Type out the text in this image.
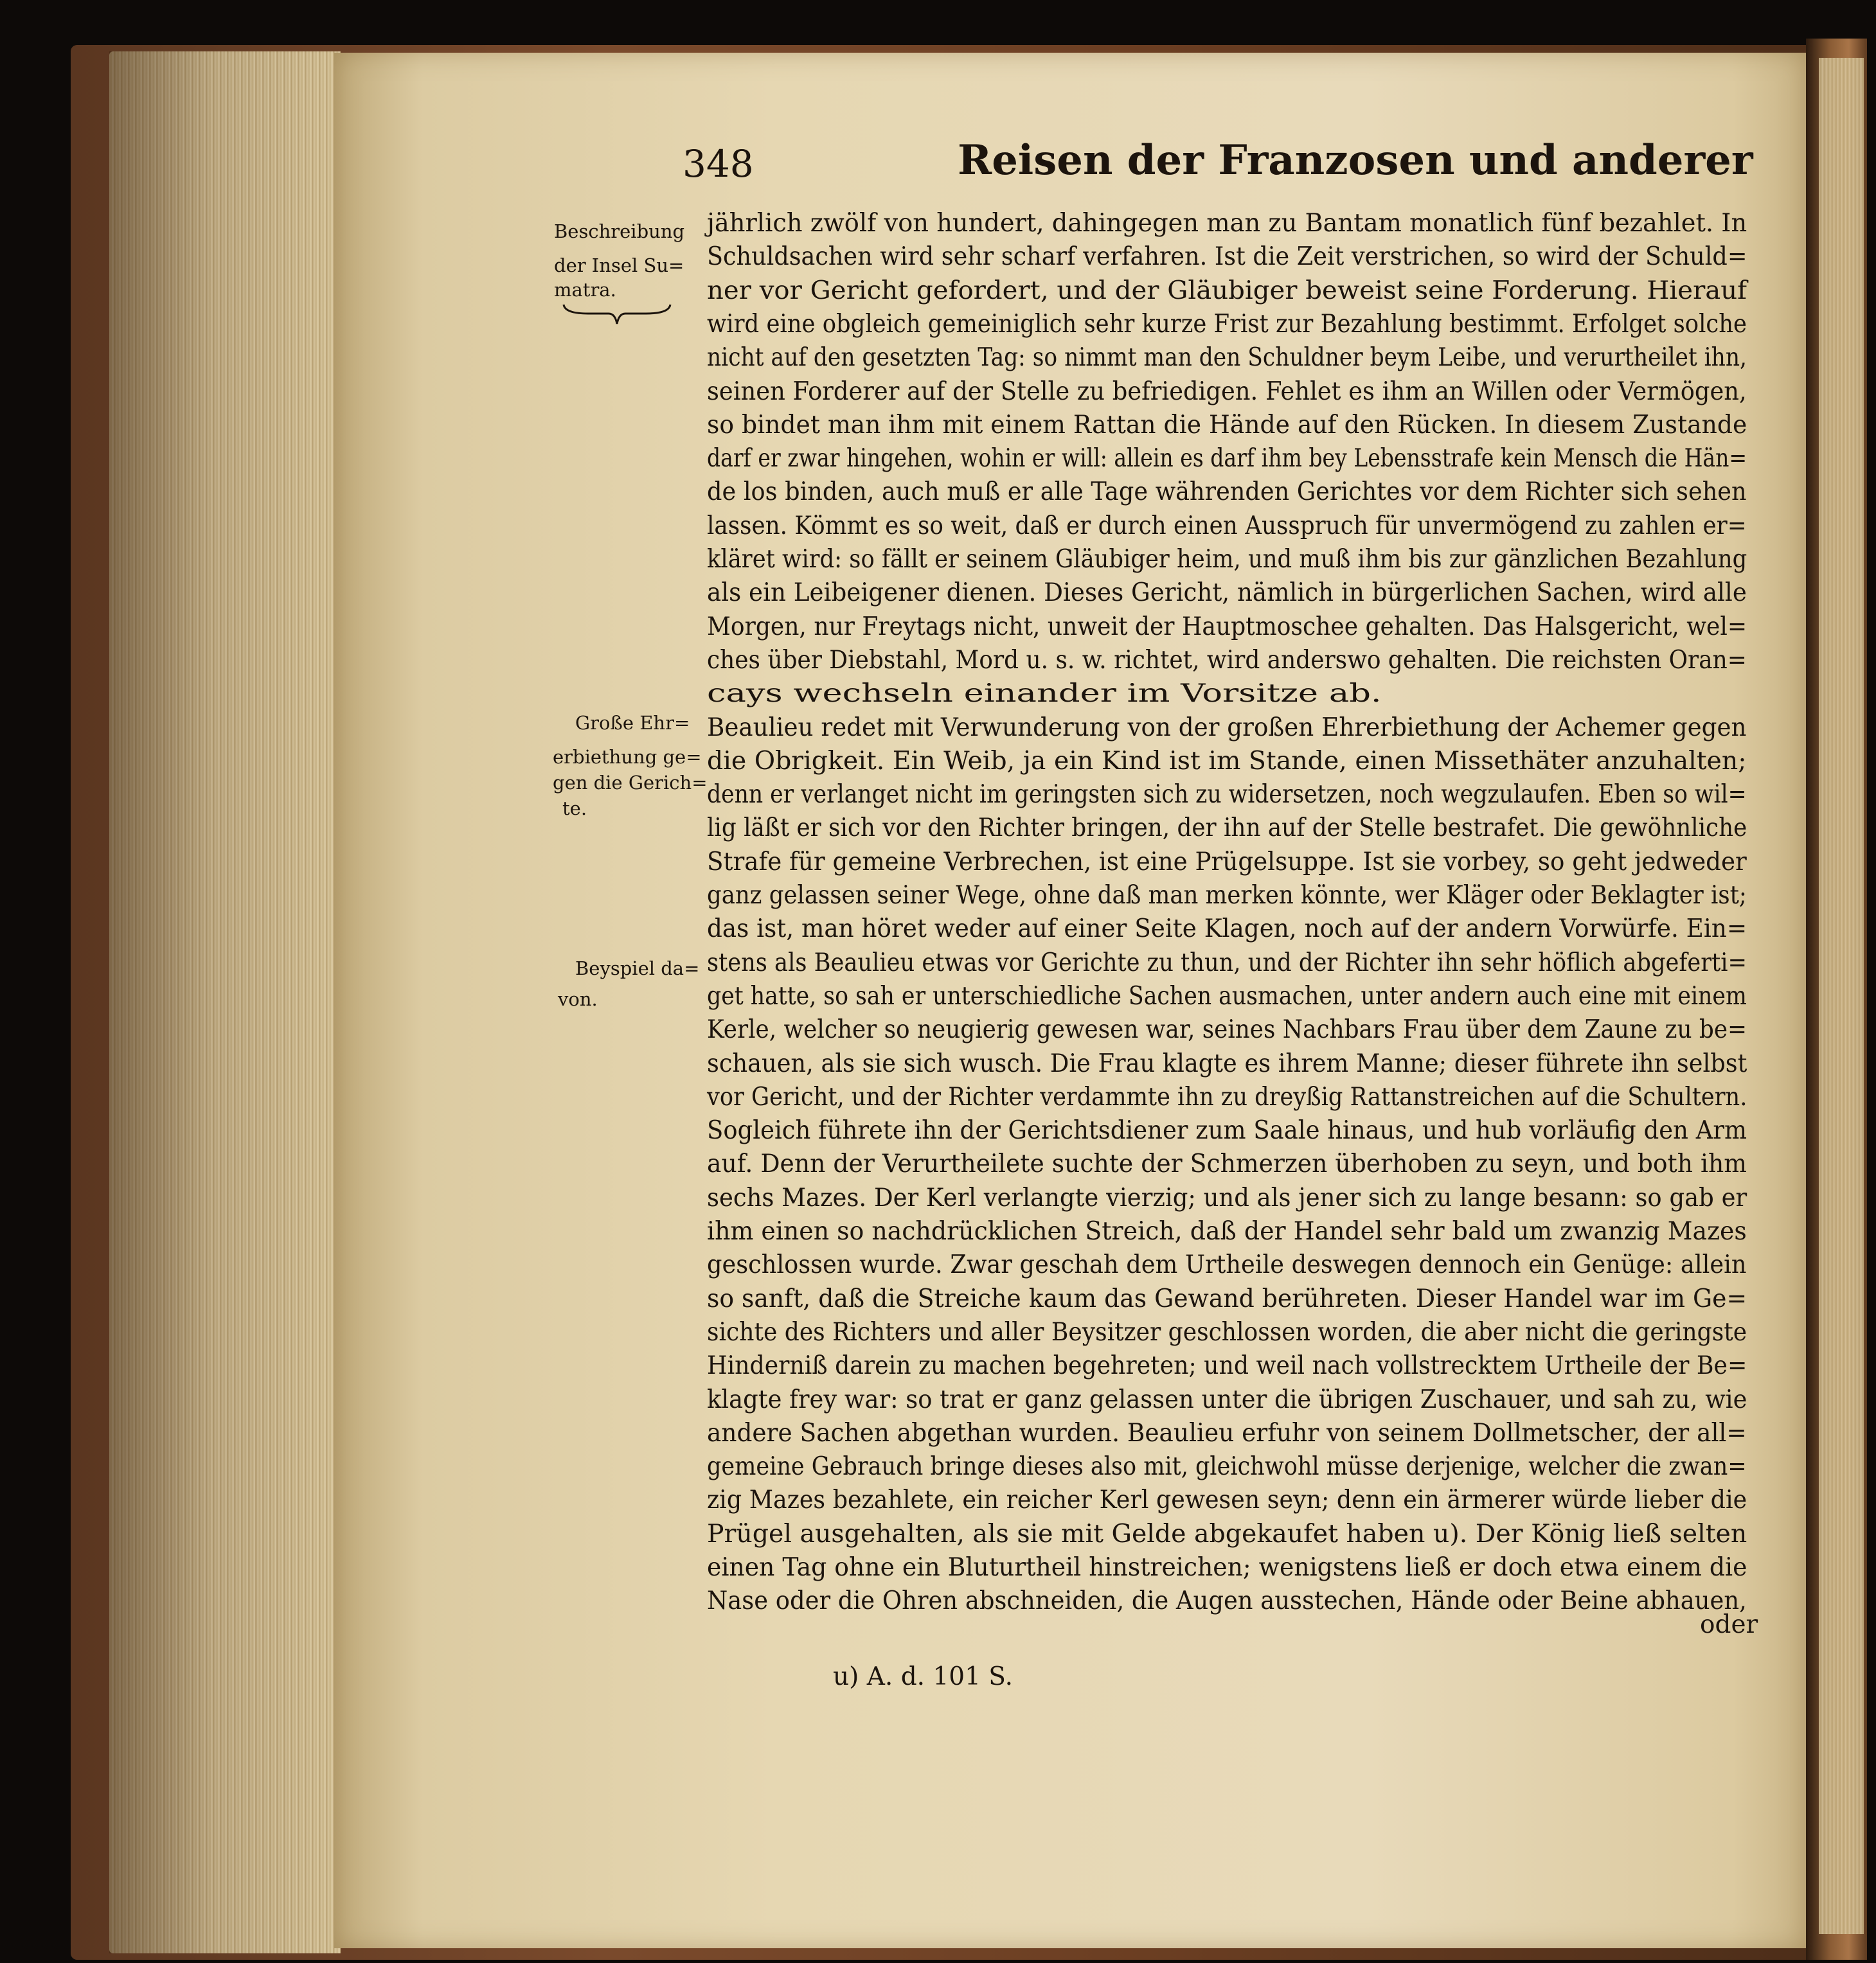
348	Reisen der Franzosen und anderer
Beschreibung
der Insel Su=
matra.
Große Ehr=
erbiethung ge=
gen die Gerich=
te.
Beyspiel da=
von.
jährlich zwölf von hundert, dahingegen man zu Bantam monatlich fünf bezahlet. In
Schuldsachen wird sehr scharf verfahren. Ist die Zeit verstrichen, so wird der Schuld=
ner vor Gericht gefordert, und der Gläubiger beweist seine Forderung. Hierauf
wird eine obgleich gemeiniglich sehr kurze Frist zur Bezahlung bestimmt. Erfolget solche
nicht auf den gesetzten Tag: so nimmt man den Schuldner beym Leibe, und verurtheilet ihn,
seinen Forderer auf der Stelle zu befriedigen. Fehlet es ihm an Willen oder Vermögen,
so bindet man ihm mit einem Rattan die Hände auf den Rücken. In diesem Zustande
darf er zwar hingehen, wohin er will: allein es darf ihm bey Lebensstrafe kein Mensch die Hän=
de los binden, auch muß er alle Tage währenden Gerichtes vor dem Richter sich sehen
lassen. Kömmt es so weit, daß er durch einen Ausspruch für unvermögend zu zahlen er=
kläret wird: so fällt er seinem Gläubiger heim, und muß ihm bis zur gänzlichen Bezahlung
als ein Leibeigener dienen. Dieses Gericht, nämlich in bürgerlichen Sachen, wird alle
Morgen, nur Freytags nicht, unweit der Hauptmoschee gehalten. Das Halsgericht, wel=
ches über Diebstahl, Mord u. s. w. richtet, wird anderswo gehalten. Die reichsten Oran=
cays wechseln einander im Vorsitze ab.
Beaulieu redet mit Verwunderung von der großen Ehrerbiethung der Achemer gegen
die Obrigkeit. Ein Weib, ja ein Kind ist im Stande, einen Missethäter anzuhalten;
denn er verlanget nicht im geringsten sich zu widersetzen, noch wegzulaufen. Eben so wil=
lig läßt er sich vor den Richter bringen, der ihn auf der Stelle bestrafet. Die gewöhnliche
Strafe für gemeine Verbrechen, ist eine Prügelsuppe. Ist sie vorbey, so geht jedweder
ganz gelassen seiner Wege, ohne daß man merken könnte, wer Kläger oder Beklagter ist;
das ist, man höret weder auf einer Seite Klagen, noch auf der andern Vorwürfe. Ein=
stens als Beaulieu etwas vor Gerichte zu thun, und der Richter ihn sehr höflich abgeferti=
get hatte, so sah er unterschiedliche Sachen ausmachen, unter andern auch eine mit einem
Kerle, welcher so neugierig gewesen war, seines Nachbars Frau über dem Zaune zu be=
schauen, als sie sich wusch. Die Frau klagte es ihrem Manne; dieser führete ihn selbst
vor Gericht, und der Richter verdammte ihn zu dreyßig Rattanstreichen auf die Schultern.
Sogleich führete ihn der Gerichtsdiener zum Saale hinaus, und hub vorläufig den Arm
auf. Denn der Verurtheilete suchte der Schmerzen überhoben zu seyn, und both ihm
sechs Mazes. Der Kerl verlangte vierzig; und als jener sich zu lange besann: so gab er
ihm einen so nachdrücklichen Streich, daß der Handel sehr bald um zwanzig Mazes
geschlossen wurde. Zwar geschah dem Urtheile deswegen dennoch ein Genüge: allein
so sanft, daß die Streiche kaum das Gewand berühreten. Dieser Handel war im Ge=
sichte des Richters und aller Beysitzer geschlossen worden, die aber nicht die geringste
Hinderniß darein zu machen begehreten; und weil nach vollstrecktem Urtheile der Be=
klagte frey war: so trat er ganz gelassen unter die übrigen Zuschauer, und sah zu, wie
andere Sachen abgethan wurden. Beaulieu erfuhr von seinem Dollmetscher, der all=
gemeine Gebrauch bringe dieses also mit, gleichwohl müsse derjenige, welcher die zwan=
zig Mazes bezahlete, ein reicher Kerl gewesen seyn; denn ein ärmerer würde lieber die
Prügel ausgehalten, als sie mit Gelde abgekaufet haben u). Der König ließ selten
einen Tag ohne ein Bluturtheil hinstreichen; wenigstens ließ er doch etwa einem die
Nase oder die Ohren abschneiden, die Augen ausstechen, Hände oder Beine abhauen,
oder
u) A. d. 101 S.
